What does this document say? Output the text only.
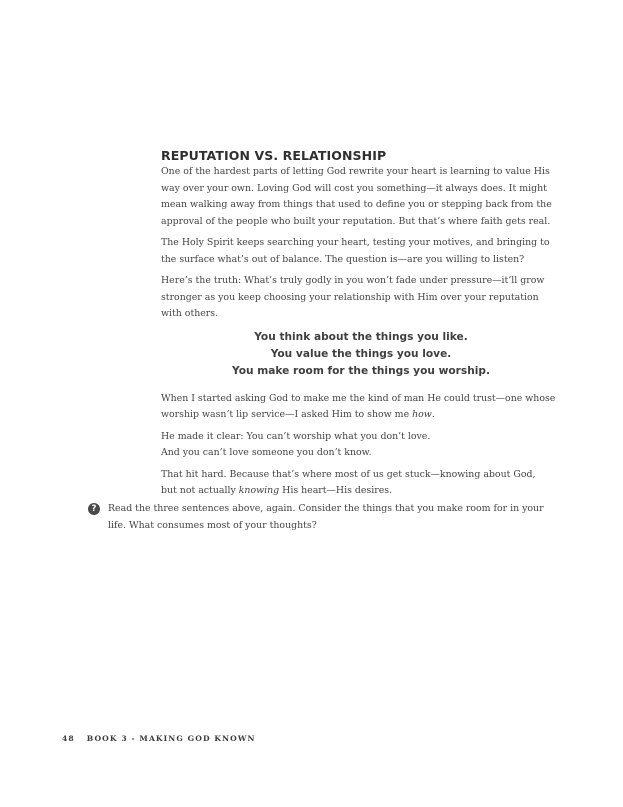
REPUTATION VS. RELATIONSHIP

One of the hardest parts of letting God rewrite your heart is learning to value His way over your own. Loving God will cost you something—it always does. It might mean walking away from things that used to define you or stepping back from the approval of the people who built your reputation. But that’s where faith gets real.

The Holy Spirit keeps searching your heart, testing your motives, and bringing to the surface what’s out of balance. The question is—are you willing to listen?

Here’s the truth: What’s truly godly in you won’t fade under pressure—it’ll grow stronger as you keep choosing your relationship with Him over your reputation with others.

You think about the things you like.
You value the things you love.
You make room for the things you worship.

When I started asking God to make me the kind of man He could trust—one whose worship wasn’t lip service—I asked Him to show me how.

He made it clear: You can’t worship what you don’t love.
And you can’t love someone you don’t know.

That hit hard. Because that’s where most of us get stuck—knowing about God,
but not actually knowing His heart—His desires.

?	Read the three sentences above, again. Consider the things that you make room for in your life. What consumes most of your thoughts?
48 BOOK 3 - MAKING GOD KNOWN
